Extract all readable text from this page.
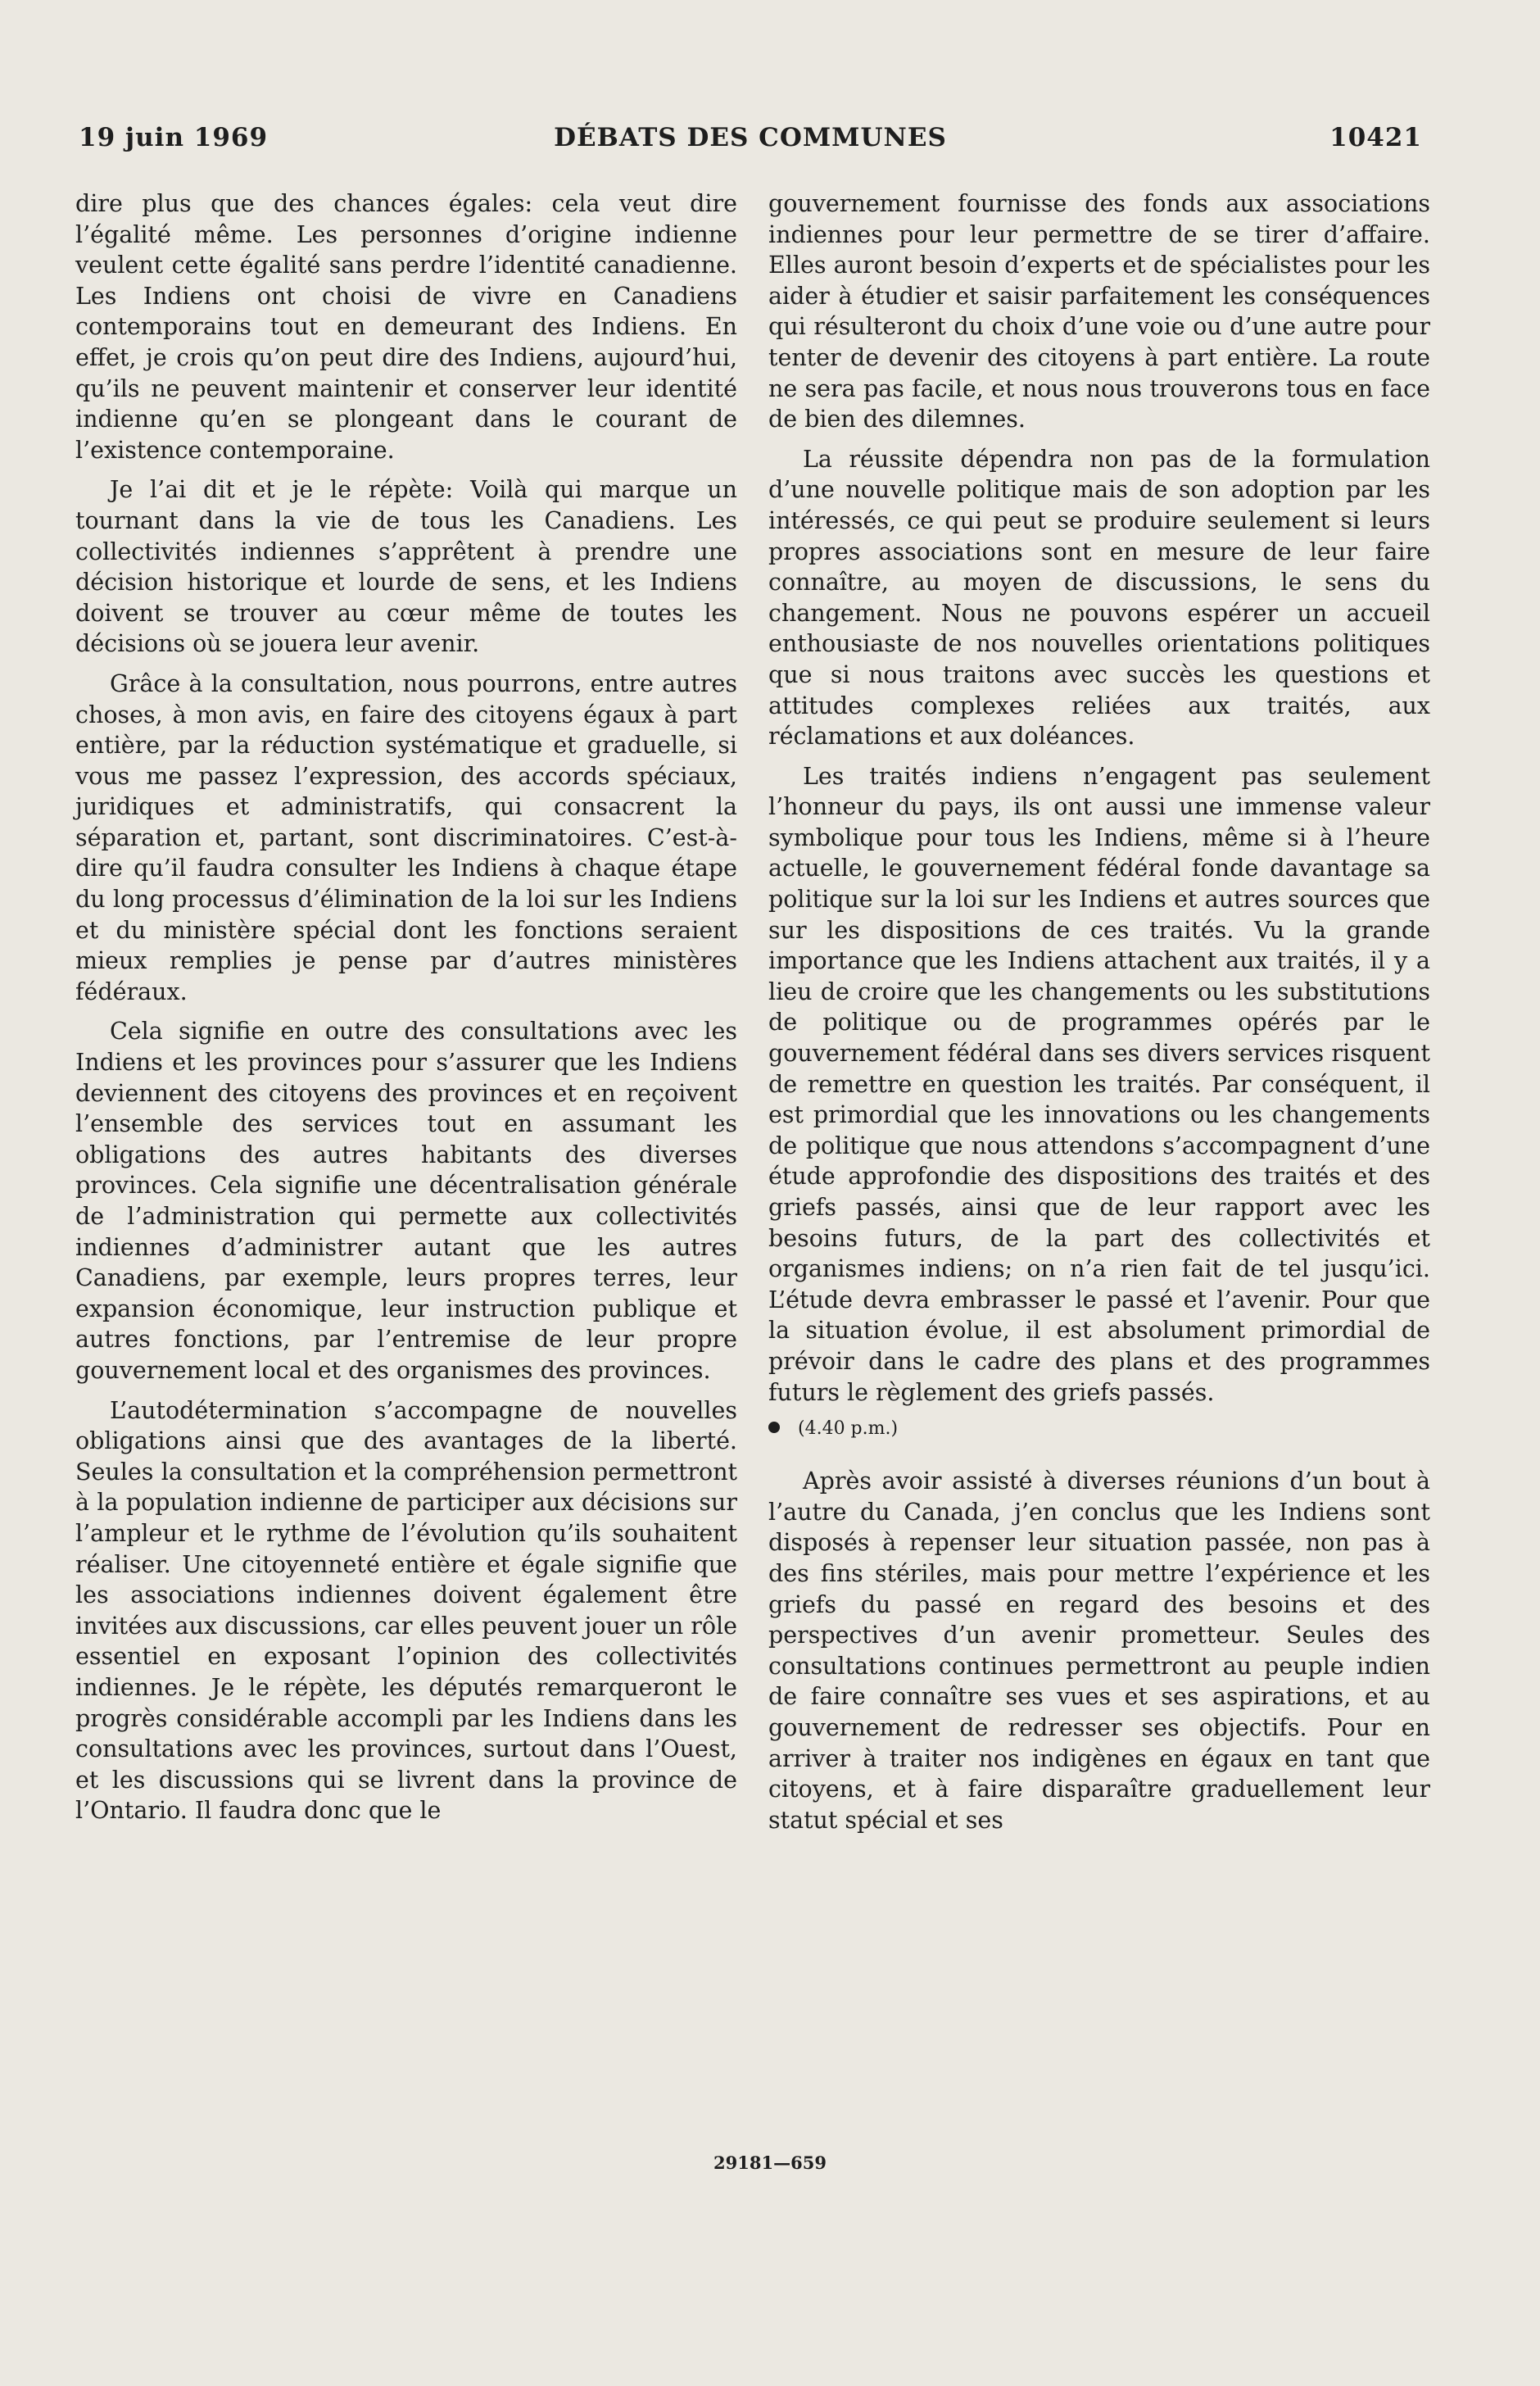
19 juin 1969	DÉBATS DES COMMUNES	10421

dire plus que des chances égales: cela veut dire l’égalité même. Les personnes d’origine indienne veulent cette égalité sans perdre l’identité canadienne. Les Indiens ont choisi de vivre en Canadiens contemporains tout en demeurant des Indiens. En effet, je crois qu’on peut dire des Indiens, aujourd’hui, qu’ils ne peuvent maintenir et conserver leur identité indienne qu’en se plongeant dans le courant de l’existence contemporaine.

Je l’ai dit et je le répète: Voilà qui marque un tournant dans la vie de tous les Canadiens. Les collectivités indiennes s’apprêtent à prendre une décision historique et lourde de sens, et les Indiens doivent se trouver au cœur même de toutes les décisions où se jouera leur avenir.

Grâce à la consultation, nous pourrons, entre autres choses, à mon avis, en faire des citoyens égaux à part entière, par la réduction systématique et graduelle, si vous me passez l’expression, des accords spéciaux, juridiques et administratifs, qui consacrent la séparation et, partant, sont discriminatoires. C’est-à-dire qu’il faudra consulter les Indiens à chaque étape du long processus d’élimination de la loi sur les Indiens et du ministère spécial dont les fonctions seraient mieux remplies je pense par d’autres ministères fédéraux.

Cela signifie en outre des consultations avec les Indiens et les provinces pour s’assurer que les Indiens deviennent des citoyens des provinces et en reçoivent l’ensemble des services tout en assumant les obligations des autres habitants des diverses provinces. Cela signifie une décentralisation générale de l’administration qui permette aux collectivités indiennes d’administrer autant que les autres Canadiens, par exemple, leurs propres terres, leur expansion économique, leur instruction publique et autres fonctions, par l’entremise de leur propre gouvernement local et des organismes des provinces.

L’autodétermination s’accompagne de nouvelles obligations ainsi que des avantages de la liberté. Seules la consultation et la compréhension permettront à la population indienne de participer aux décisions sur l’ampleur et le rythme de l’évolution qu’ils souhaitent réaliser. Une citoyenneté entière et égale signifie que les associations indiennes doivent également être invitées aux discussions, car elles peuvent jouer un rôle essentiel en exposant l’opinion des collectivités indiennes. Je le répète, les députés remarqueront le progrès considérable accompli par les Indiens dans les consultations avec les provinces, surtout dans l’Ouest, et les discussions qui se livrent dans la province de l’Ontario. Il faudra donc que le

gouvernement fournisse des fonds aux associations indiennes pour leur permettre de se tirer d’affaire. Elles auront besoin d’experts et de spécialistes pour les aider à étudier et saisir parfaitement les conséquences qui résulteront du choix d’une voie ou d’une autre pour tenter de devenir des citoyens à part entière. La route ne sera pas facile, et nous nous trouverons tous en face de bien des dilemnes.

La réussite dépendra non pas de la formulation d’une nouvelle politique mais de son adoption par les intéressés, ce qui peut se produire seulement si leurs propres associations sont en mesure de leur faire connaître, au moyen de discussions, le sens du changement. Nous ne pouvons espérer un accueil enthousiaste de nos nouvelles orientations politiques que si nous traitons avec succès les questions et attitudes complexes reliées aux traités, aux réclamations et aux doléances.

Les traités indiens n’engagent pas seulement l’honneur du pays, ils ont aussi une immense valeur symbolique pour tous les Indiens, même si à l’heure actuelle, le gouvernement fédéral fonde davantage sa politique sur la loi sur les Indiens et autres sources que sur les dispositions de ces traités. Vu la grande importance que les Indiens attachent aux traités, il y a lieu de croire que les changements ou les substitutions de politique ou de programmes opérés par le gouvernement fédéral dans ses divers services risquent de remettre en question les traités. Par conséquent, il est primordial que les innovations ou les changements de politique que nous attendons s’accompagnent d’une étude approfondie des dispositions des traités et des griefs passés, ainsi que de leur rapport avec les besoins futurs, de la part des collectivités et organismes indiens; on n’a rien fait de tel jusqu’ici. L’étude devra embrasser le passé et l’avenir. Pour que la situation évolue, il est absolument primordial de prévoir dans le cadre des plans et des programmes futurs le règlement des griefs passés.

(4.40 p.m.)

Après avoir assisté à diverses réunions d’un bout à l’autre du Canada, j’en conclus que les Indiens sont disposés à repenser leur situation passée, non pas à des fins stériles, mais pour mettre l’expérience et les griefs du passé en regard des besoins et des perspectives d’un avenir prometteur. Seules des consultations continues permettront au peuple indien de faire connaître ses vues et ses aspirations, et au gouvernement de redresser ses objectifs. Pour en arriver à traiter nos indigènes en égaux en tant que citoyens, et à faire disparaître graduellement leur statut spécial et ses

29181—659
